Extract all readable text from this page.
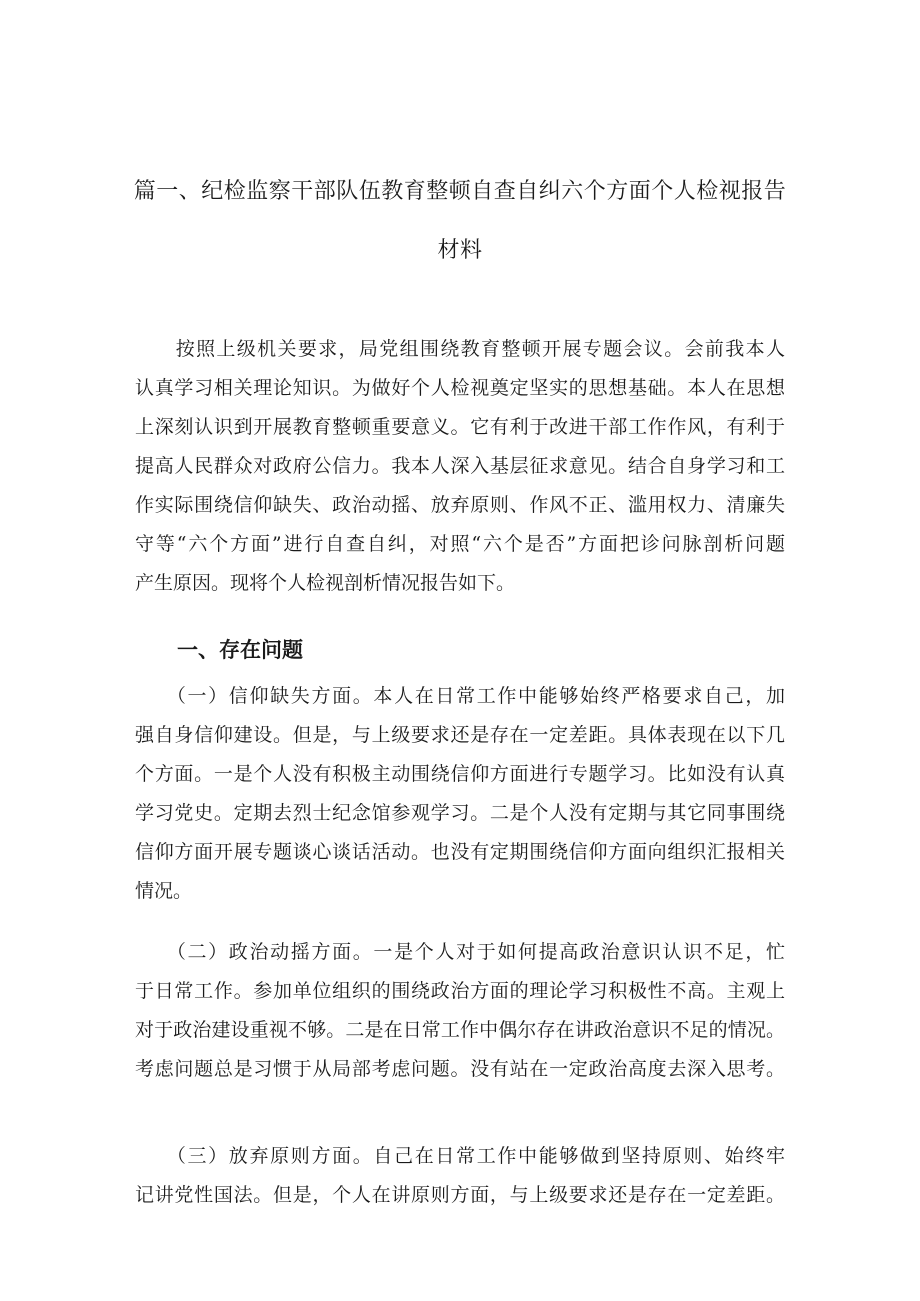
篇一、纪检监察干部队伍教育整顿自查自纠六个方面个人检视报告
材料
　　按照上级机关要求，局党组围绕教育整顿开展专题会议。会前我本人
认真学习相关理论知识。为做好个人检视奠定坚实的思想基础。本人在思想
上深刻认识到开展教育整顿重要意义。它有利于改进干部工作作风，有利于
提高人民群众对政府公信力。我本人深入基层征求意见。结合自身学习和工
作实际围绕信仰缺失、政治动摇、放弃原则、作风不正、滥用权力、清廉失
守等“六个方面”进行自查自纠，对照“六个是否”方面把诊问脉剖析问题
产生原因。现将个人检视剖析情况报告如下。
一、存在问题
　　（一）信仰缺失方面。本人在日常工作中能够始终严格要求自己，加
强自身信仰建设。但是，与上级要求还是存在一定差距。具体表现在以下几
个方面。一是个人没有积极主动围绕信仰方面进行专题学习。比如没有认真
学习党史。定期去烈士纪念馆参观学习。二是个人没有定期与其它同事围绕
信仰方面开展专题谈心谈话活动。也没有定期围绕信仰方面向组织汇报相关
情况。
　　（二）政治动摇方面。一是个人对于如何提高政治意识认识不足，忙
于日常工作。参加单位组织的围绕政治方面的理论学习积极性不高。主观上
对于政治建设重视不够。二是在日常工作中偶尔存在讲政治意识不足的情况。
考虑问题总是习惯于从局部考虑问题。没有站在一定政治高度去深入思考。
　　（三）放弃原则方面。自己在日常工作中能够做到坚持原则、始终牢
记讲党性国法。但是，个人在讲原则方面，与上级要求还是存在一定差距。
